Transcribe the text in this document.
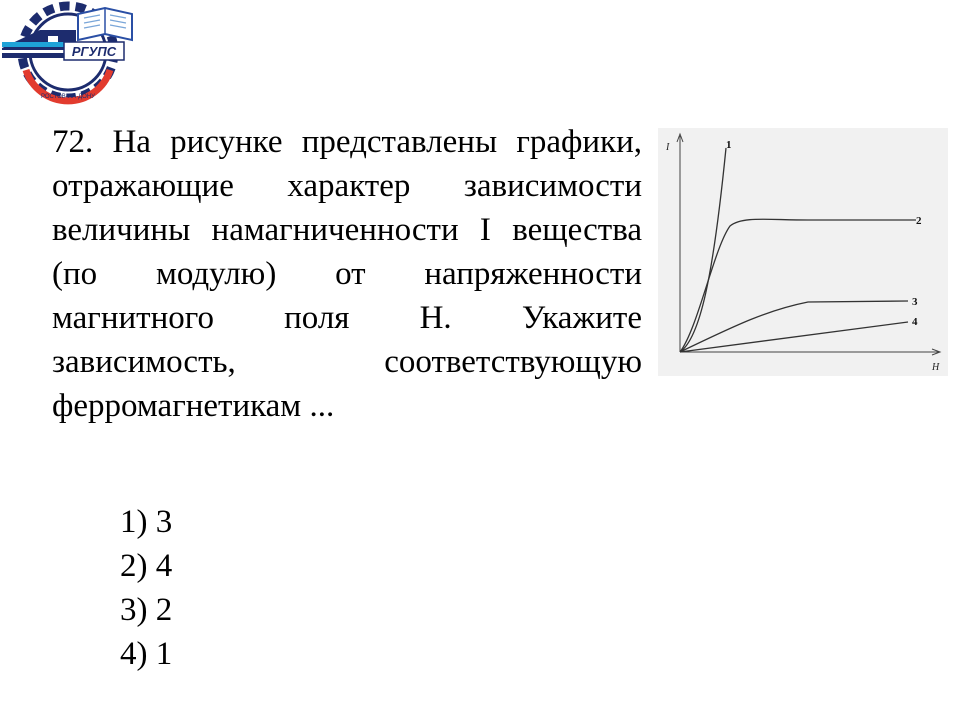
РГУПС
РОСТОВ-НА-ДОНУ

72. На рисунке представлены графики, отражающие характер зависимости величины намагниченности I вещества (по модулю) от напряженности магнитного поля H. Укажите зависимость, соответствующую ферромагнетикам ...

I
H
1
2
3
4
1) 3
2) 4
3) 2
4) 1
